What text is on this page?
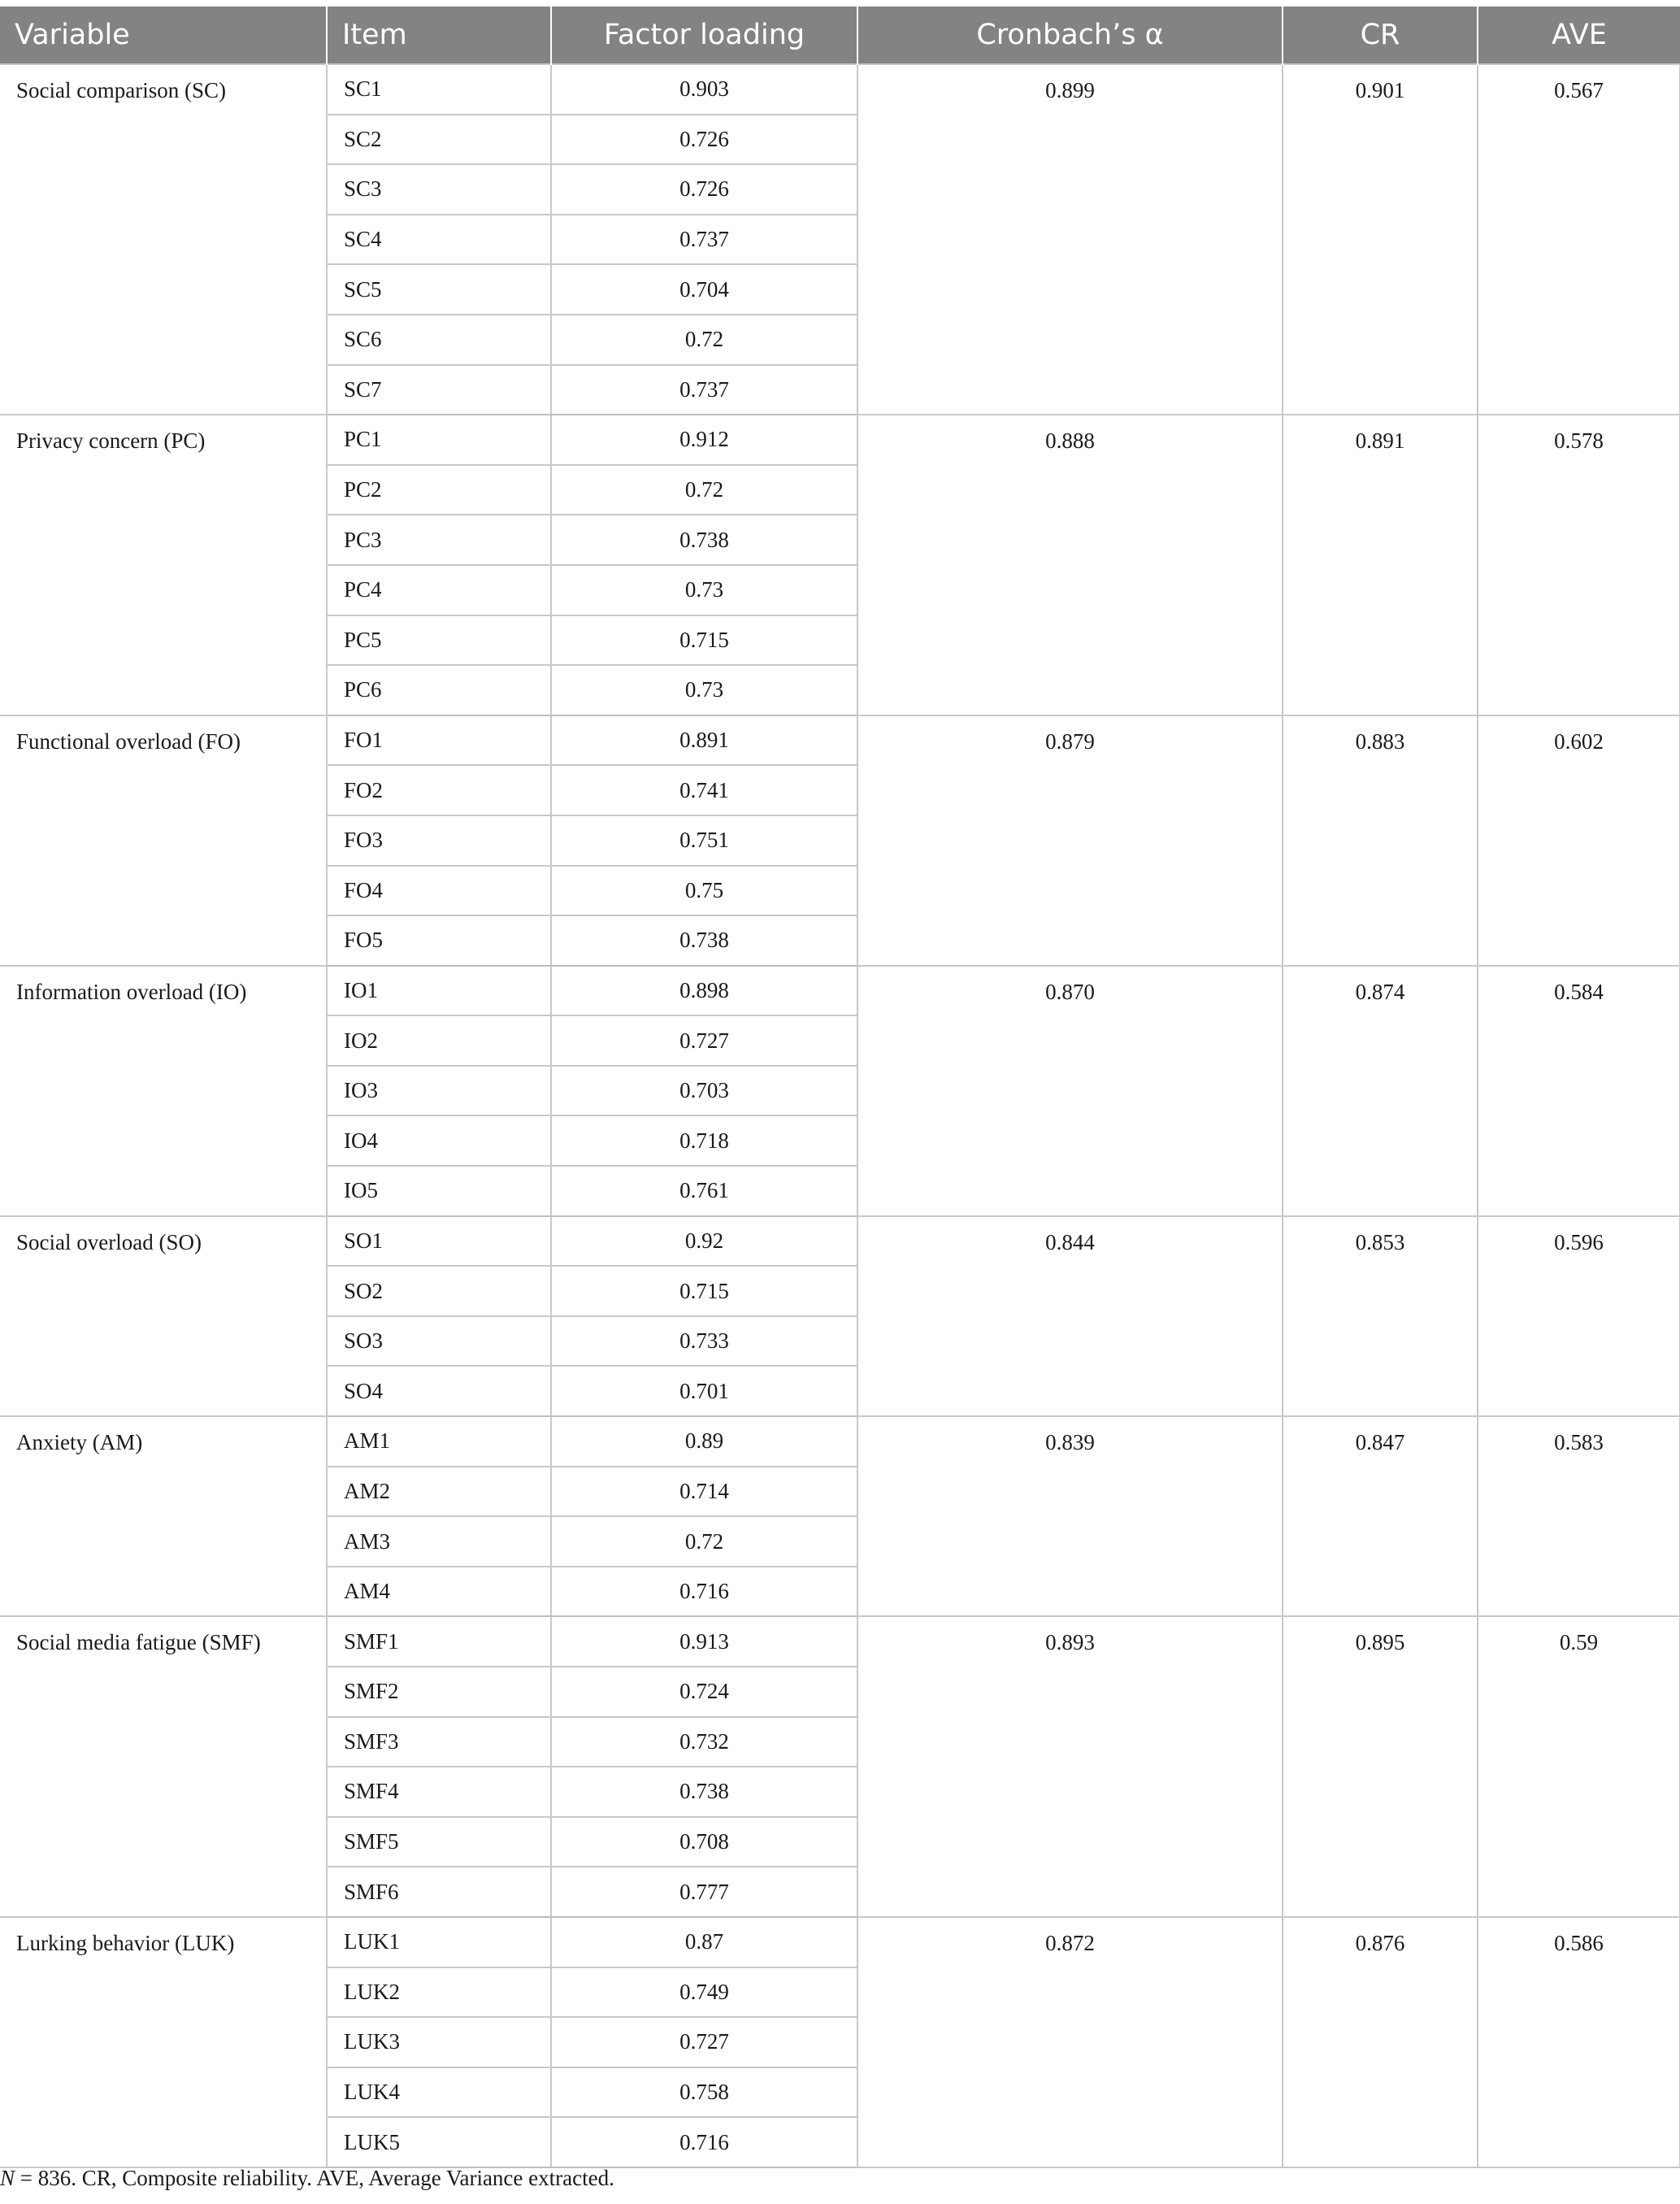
Variable	Item	Factor loading	Cronbach’s α	CR	AVE
Social comparison (SC)	SC1	0.903	0.899	0.901	0.567
	SC2	0.726			
	SC3	0.726			
	SC4	0.737			
	SC5	0.704			
	SC6	0.72			
	SC7	0.737			
Privacy concern (PC)	PC1	0.912	0.888	0.891	0.578
	PC2	0.72			
	PC3	0.738			
	PC4	0.73			
	PC5	0.715			
	PC6	0.73			
Functional overload (FO)	FO1	0.891	0.879	0.883	0.602
	FO2	0.741			
	FO3	0.751			
	FO4	0.75			
	FO5	0.738			
Information overload (IO)	IO1	0.898	0.870	0.874	0.584
	IO2	0.727			
	IO3	0.703			
	IO4	0.718			
	IO5	0.761			
Social overload (SO)	SO1	0.92	0.844	0.853	0.596
	SO2	0.715			
	SO3	0.733			
	SO4	0.701			
Anxiety (AM)	AM1	0.89	0.839	0.847	0.583
	AM2	0.714			
	AM3	0.72			
	AM4	0.716			
Social media fatigue (SMF)	SMF1	0.913	0.893	0.895	0.59
	SMF2	0.724			
	SMF3	0.732			
	SMF4	0.738			
	SMF5	0.708			
	SMF6	0.777			
Lurking behavior (LUK)	LUK1	0.87	0.872	0.876	0.586
	LUK2	0.749			
	LUK3	0.727			
	LUK4	0.758			
	LUK5	0.716			
N = 836. CR, Composite reliability. AVE, Average Variance extracted.
